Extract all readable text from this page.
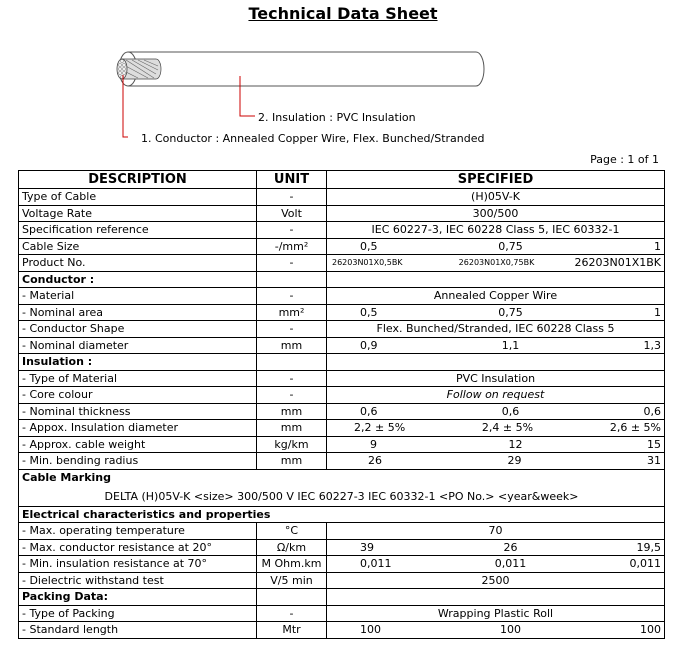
Technical Data Sheet
2. Insulation : PVC Insulation
1. Conductor : Annealed Copper Wire, Flex. Bunched/Stranded
Page : 1 of 1
DESCRIPTION	UNIT	SPECIFIED
Type of Cable	-	(H)05V-K
Voltage Rate	Volt	300/500
Specification reference	-	IEC 60227-3, IEC 60228 Class 5, IEC 60332-1
Cable Size	-/mm²	0,5 0,75 1

Product No.	-	26203N01X0,5BK 26203N01X0,75BK 26203N01X1BK

Conductor :		
- Material	-	Annealed Copper Wire
- Nominal area	mm²	0,5 0,75 1

- Conductor Shape	-	Flex. Bunched/Stranded, IEC 60228 Class 5
- Nominal diameter	mm	0,9 1,1 1,3

Insulation :		
- Type of Material	-	PVC Insulation
- Core colour	-	Follow on request
- Nominal thickness	mm	0,6 0,6 0,6

- Appox. Insulation diameter	mm	2,2 ± 5% 2,4 ± 5% 2,6 ± 5%

- Approx. cable weight	kg/km	9 12 15

- Min. bending radius	mm	26 29 31

Cable Marking
DELTA (H)05V-K <size> 300/500 V IEC 60227-3 IEC 60332-1 <PO No.> <year&week>		

Electrical characteristics and properties		
- Max. operating temperature	°C	70
- Max. conductor resistance at 20°	Ω/km	39 26 19,5

- Min. insulation resistance at 70°	M Ohm.km	0,011 0,011 0,011

- Dielectric withstand test	V/5 min	2500
Packing Data:		
- Type of Packing	-	Wrapping Plastic Roll
- Standard length	Mtr	100 100 100
